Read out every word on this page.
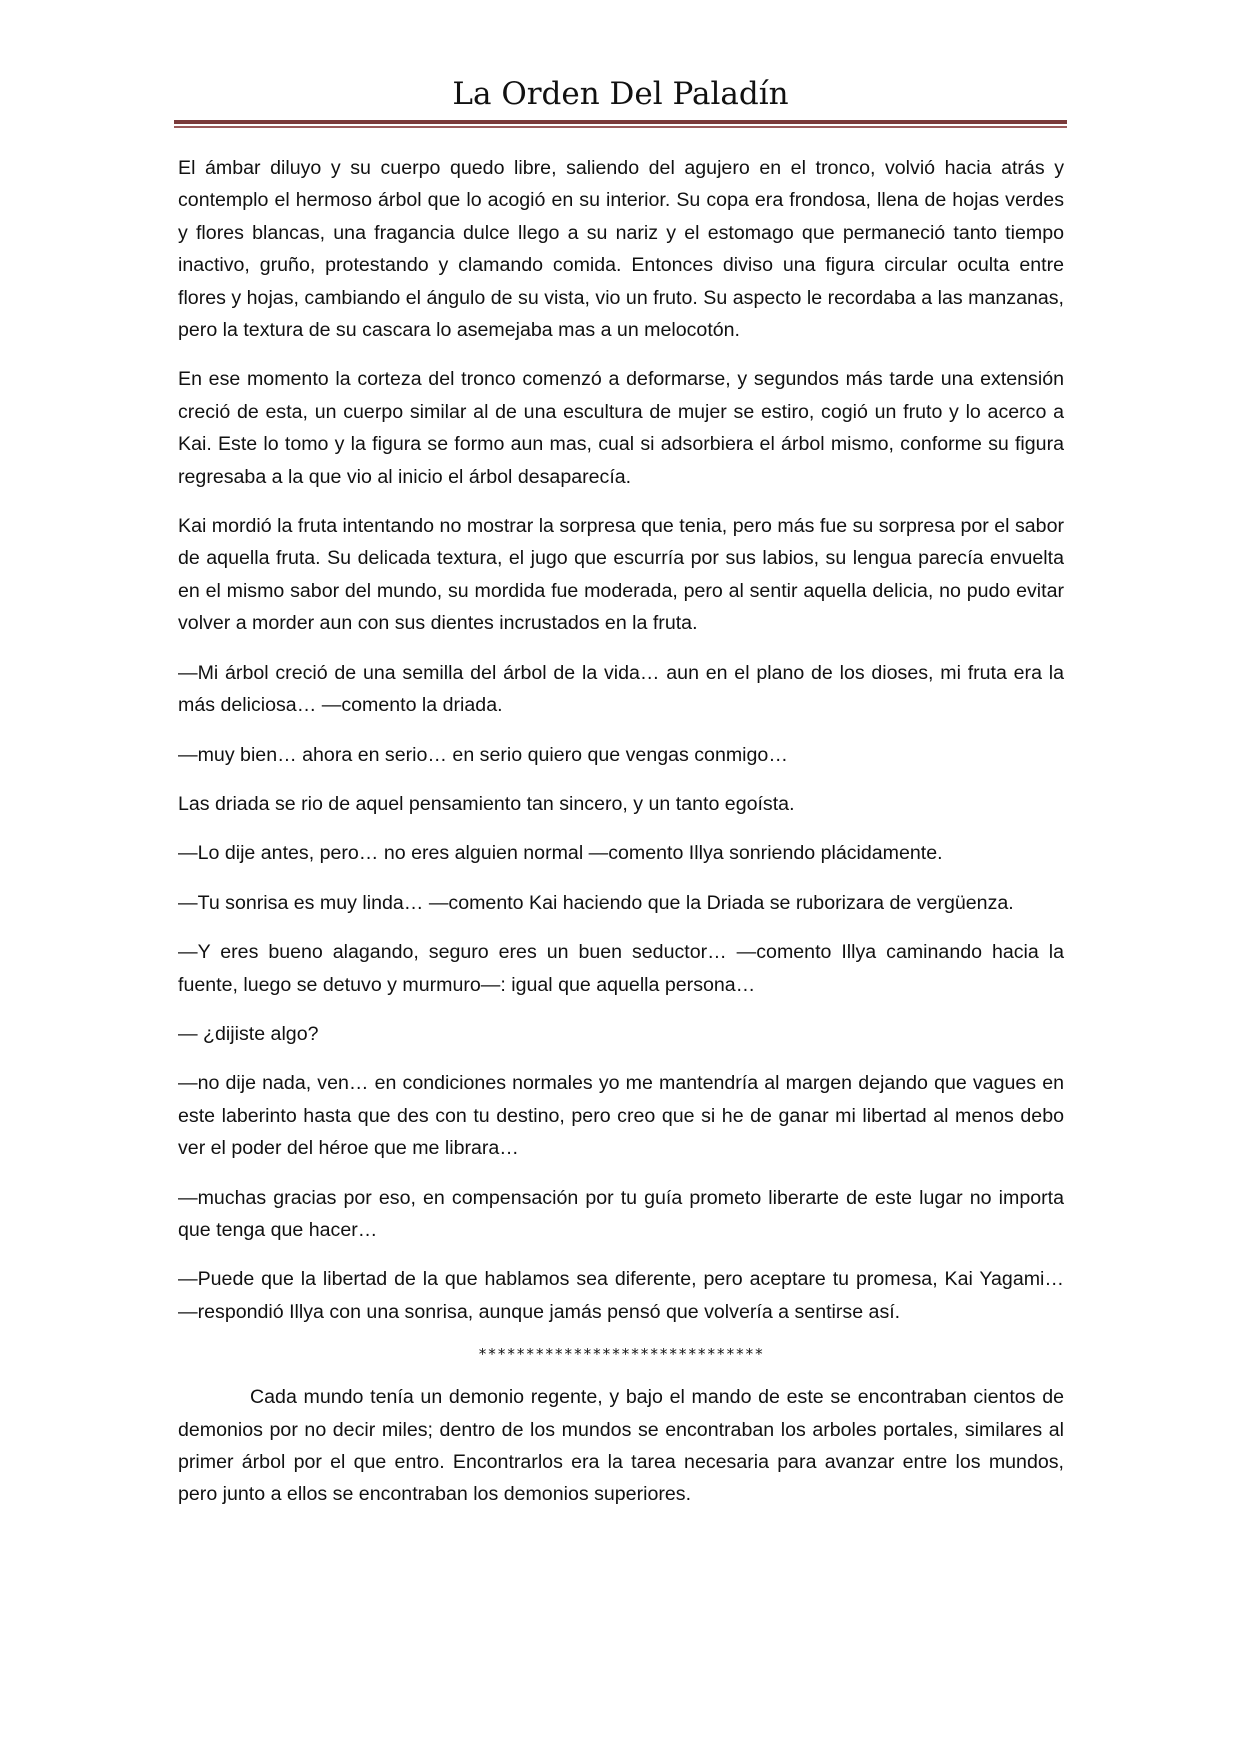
La Orden Del Paladín

El ámbar diluyo y su cuerpo quedo libre, saliendo del agujero en el tronco, volvió hacia atrás y contemplo el hermoso árbol que lo acogió en su interior. Su copa era frondosa, llena de hojas verdes y flores blancas, una fragancia dulce llego a su nariz y el estomago que permaneció tanto tiempo inactivo, gruño, protestando y clamando comida. Entonces diviso una figura circular oculta entre flores y hojas, cambiando el ángulo de su vista, vio un fruto. Su aspecto le recordaba a las manzanas, pero la textura de su cascara lo asemejaba mas a un melocotón.

En ese momento la corteza del tronco comenzó a deformarse, y segundos más tarde una extensión creció de esta, un cuerpo similar al de una escultura de mujer se estiro, cogió un fruto y lo acerco a Kai. Este lo tomo y la figura se formo aun mas, cual si adsorbiera el árbol mismo, conforme su figura regresaba a la que vio al inicio el árbol desaparecía.

Kai mordió la fruta intentando no mostrar la sorpresa que tenia, pero más fue su sorpresa por el sabor de aquella fruta. Su delicada textura, el jugo que escurría por sus labios, su lengua parecía envuelta en el mismo sabor del mundo, su mordida fue moderada, pero al sentir aquella delicia, no pudo evitar volver a morder aun con sus dientes incrustados en la fruta.

—Mi árbol creció de una semilla del árbol de la vida… aun en el plano de los dioses, mi fruta era la más deliciosa… —comento la driada.

—muy bien… ahora en serio… en serio quiero que vengas conmigo…

Las driada se rio de aquel pensamiento tan sincero, y un tanto egoísta.

—Lo dije antes, pero… no eres alguien normal —comento Illya sonriendo plácidamente.

—Tu sonrisa es muy linda… —comento Kai haciendo que la Driada se ruborizara de vergüenza.

—Y eres bueno alagando, seguro eres un buen seductor… —comento Illya caminando hacia la fuente, luego se detuvo y murmuro—: igual que aquella persona…

— ¿dijiste algo?

—no dije nada, ven… en condiciones normales yo me mantendría al margen dejando que vagues en este laberinto hasta que des con tu destino, pero creo que si he de ganar mi libertad al menos debo ver el poder del héroe que me librara…

—muchas gracias por eso, en compensación por tu guía prometo liberarte de este lugar no importa que tenga que hacer…

—Puede que la libertad de la que hablamos sea diferente, pero aceptare tu promesa, Kai Yagami… —respondió Illya con una sonrisa, aunque jamás pensó que volvería a sentirse así.

******************************

Cada mundo tenía un demonio regente, y bajo el mando de este se encontraban cientos de demonios por no decir miles; dentro de los mundos se encontraban los arboles portales, similares al primer árbol por el que entro. Encontrarlos era la tarea necesaria para avanzar entre los mundos, pero junto a ellos se encontraban los demonios superiores.
